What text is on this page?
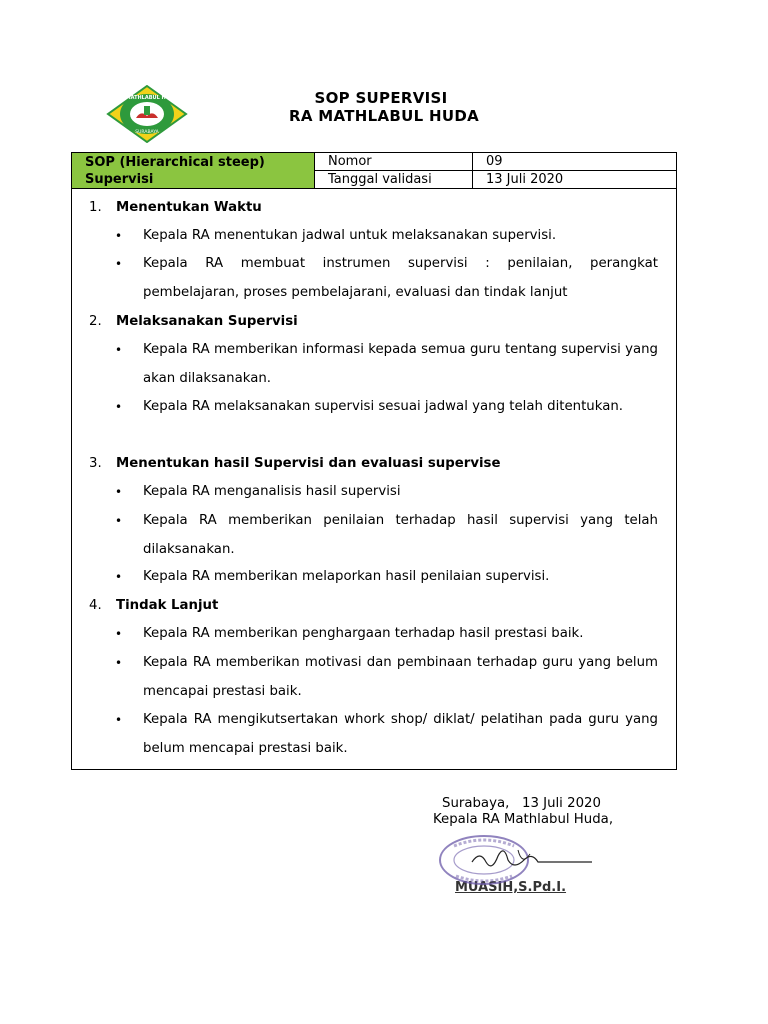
RA MATHLABUL HUDA
SURABAYA
SOP SUPERVISI
RA MATHLABUL HUDA
SOP (Hierarchical steep)
Supervisi	Nomor	09
	Tanggal validasi	13 Juli 2020
1. Menentukan Waktu
• Kepala RA menentukan jadwal untuk melaksanakan supervisi.
• Kepala RA membuat instrumen supervisi : penilaian, perangkat pembelajaran, proses pembelajarani, evaluasi dan tindak lanjut
2. Melaksanakan Supervisi
• Kepala RA memberikan informasi kepada semua guru tentang supervisi yang akan dilaksanakan.
• Kepala RA melaksanakan supervisi sesuai jadwal yang telah ditentukan.
3. Menentukan hasil Supervisi dan evaluasi supervise
• Kepala RA menganalisis hasil supervisi
• Kepala RA memberikan penilaian terhadap hasil supervisi yang telah dilaksanakan.
• Kepala RA memberikan melaporkan hasil penilaian supervisi.
4. Tindak Lanjut
• Kepala RA memberikan penghargaan terhadap hasil prestasi baik.
• Kepala RA memberikan motivasi dan pembinaan terhadap guru yang belum mencapai prestasi baik.
• Kepala RA mengikutsertakan whork shop/ diklat/ pelatihan pada guru yang belum mencapai prestasi baik.
Surabaya,   13 Juli 2020
Kepala RA Mathlabul Huda,
MUASIH,S.Pd.I.
